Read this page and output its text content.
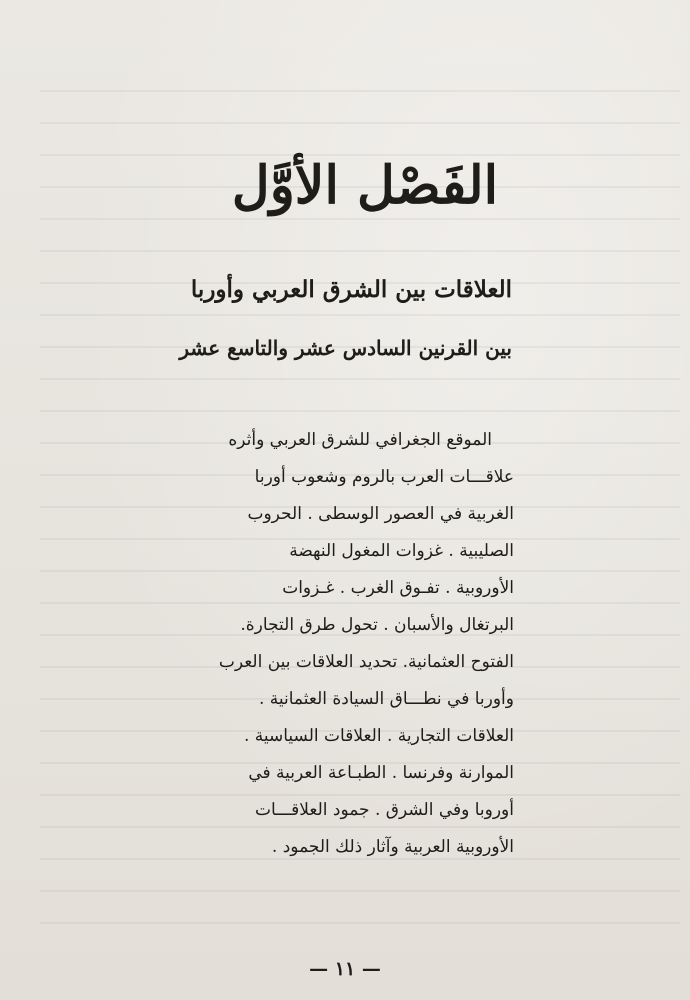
الفَصْل الأوَّل
العلاقات بين الشرق العربي وأوربا
بين القرنين السادس عشر والتاسع عشر
الموقع الجغرافي للشرق العربي وأثره
علاقـــات العرب بالروم وشعوب أوربا
الغربية في العصور الوسطى . الحروب
الصليبية . غزوات المغول النهضة
الأوروبية . تفـوق الغرب . غـزوات
البرتغال والأسبان . تحول طرق التجارة.
الفتوح العثمانية. تحديد العلاقات بين العرب
وأوربا في نطـــاق السيادة العثمانية .
العلاقات التجارية . العلاقات السياسية .
الموارنة وفرنسا . الطبـاعة العربية في
أوروبا وفي الشرق . جمود العلاقـــات
الأوروبية العربية وآثار ذلك الجمود .
— ١١ —
